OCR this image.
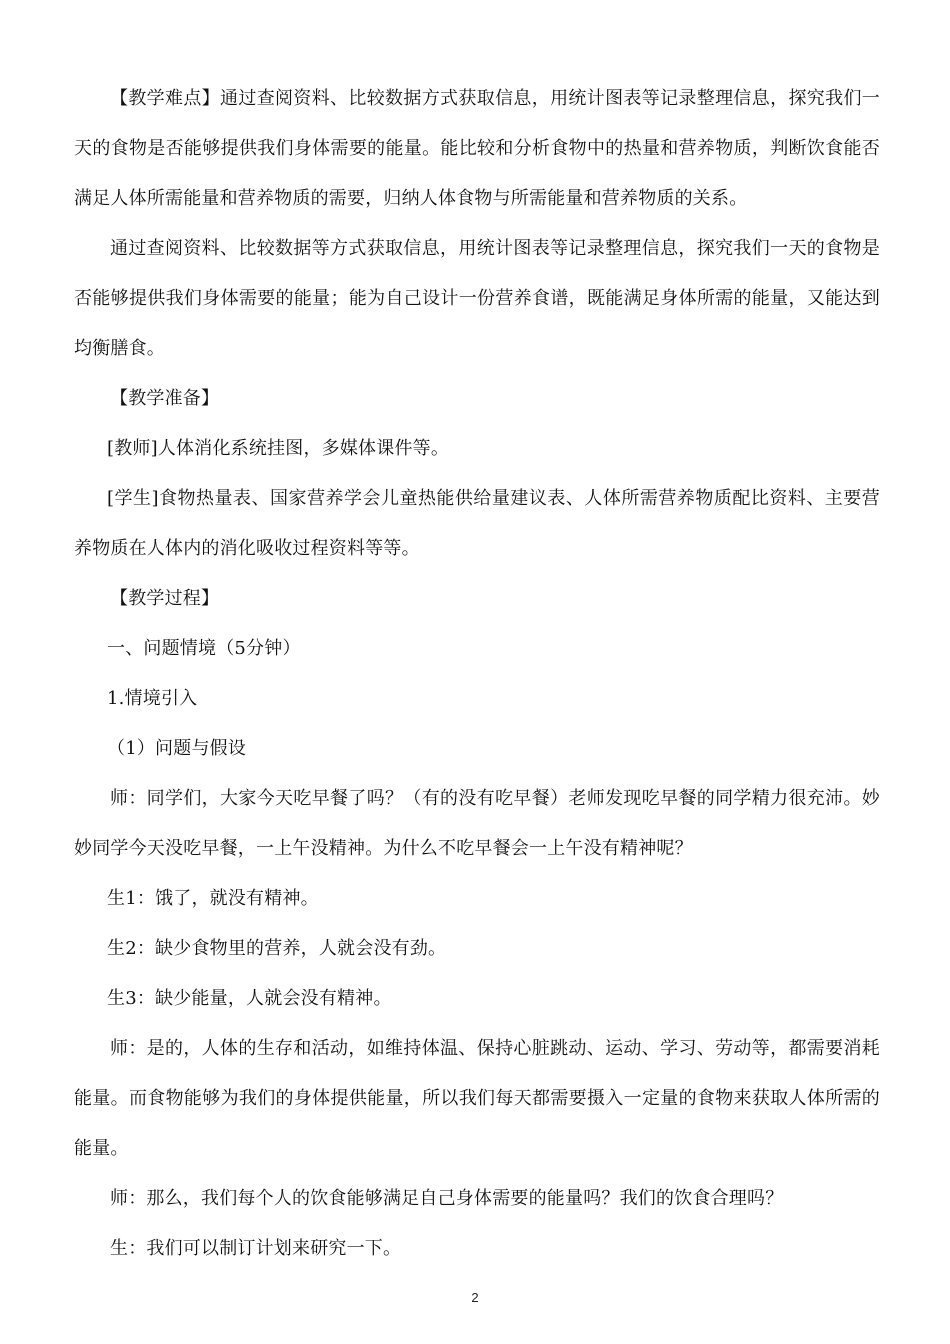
【教学难点】通过查阅资料、比较数据方式获取信息，用统计图表等记录整理信息，探究我们一天的食物是否能够提供我们身体需要的能量。能比较和分析食物中的热量和营养物质，判断饮食能否满足人体所需能量和营养物质的需要，归纳人体食物与所需能量和营养物质的关系。

通过查阅资料、比较数据等方式获取信息，用统计图表等记录整理信息，探究我们一天的食物是否能够提供我们身体需要的能量；能为自己设计一份营养食谱，既能满足身体所需的能量，又能达到均衡膳食。

【教学准备】

[教师]人体消化系统挂图，多媒体课件等。

[学生]食物热量表、国家营养学会儿童热能供给量建议表、人体所需营养物质配比资料、主要营养物质在人体内的消化吸收过程资料等等。

【教学过程】

一、问题情境（5分钟）

1.情境引入

（1）问题与假设

师：同学们，大家今天吃早餐了吗？（有的没有吃早餐）老师发现吃早餐的同学精力很充沛。妙妙同学今天没吃早餐，一上午没精神。为什么不吃早餐会一上午没有精神呢？

生1：饿了，就没有精神。

生2：缺少食物里的营养，人就会没有劲。

生3：缺少能量，人就会没有精神。

师：是的，人体的生存和活动，如维持体温、保持心脏跳动、运动、学习、劳动等，都需要消耗能量。而食物能够为我们的身体提供能量，所以我们每天都需要摄入一定量的食物来获取人体所需的能量。

师：那么，我们每个人的饮食能够满足自己身体需要的能量吗？我们的饮食合理吗？

生：我们可以制订计划来研究一下。

2
